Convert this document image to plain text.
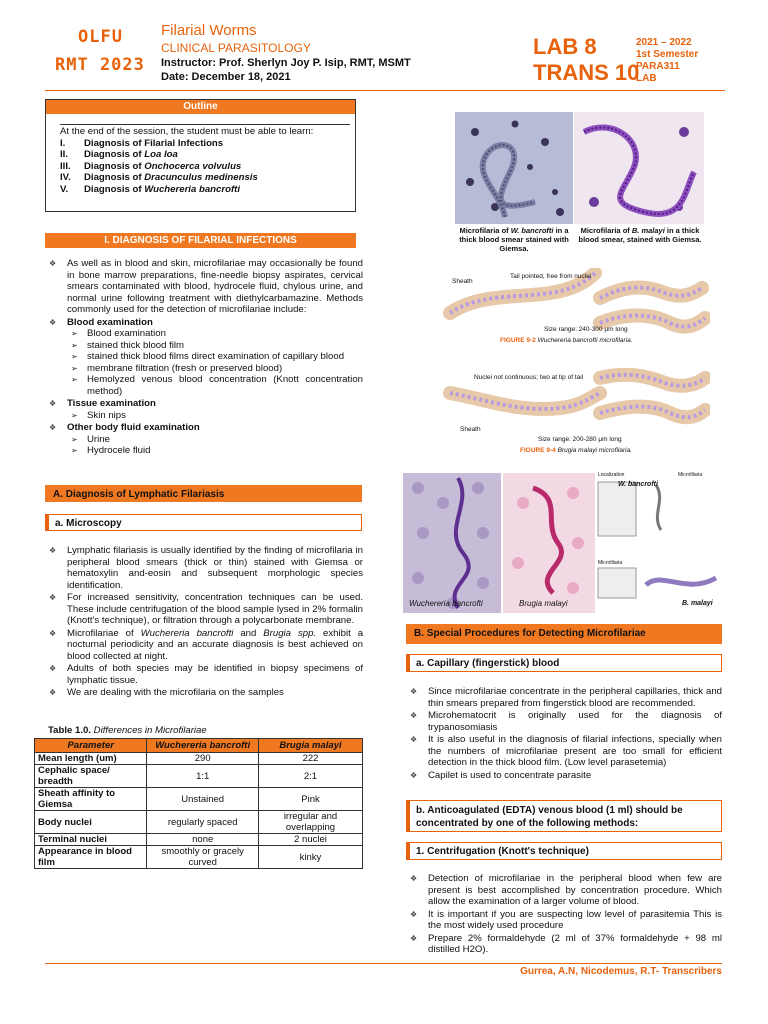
OLFU
RMT 2023
Filarial Worms
CLINICAL PARASITOLOGY
Instructor: Prof. Sherlyn Joy P. Isip, RMT, MSMT
Date: December 18, 2021
LAB 8
TRANS 10
2021 – 2022
1st Semester
PARA311
LAB
Outline
At the end of the session, the student must be able to learn:
I.	Diagnosis of Filarial Infections
II.	Diagnosis of Loa loa
III.	Diagnosis of Onchocerca volvulus
IV.	Diagnosis of Dracunculus medinensis
V.	Diagnosis of Wuchereria bancrofti
I. DIAGNOSIS OF FILARIAL INFECTIONS
❖ As well as in blood and skin, microfilariae may occasionally be found in bone marrow preparations, fine-needle biopsy aspirates, cervical smears contaminated with blood, hydrocele fluid, chylous urine, and normal urine following treatment with diethylcarbamazine. Methods commonly used for the detection of microfilariae include:
❖ Blood examination
➢ Blood examination
➢ stained thick blood film
➢ stained thick blood films direct examination of capillary blood
➢ membrane filtration (fresh or preserved blood)
➢ Hemolyzed venous blood concentration (Knott concentration method)
❖ Tissue examination
➢ Skin nips
❖ Other body fluid examination
➢ Urine
➢ Hydrocele fluid
A. Diagnosis of Lymphatic Filariasis
a. Microscopy
❖ Lymphatic filariasis is usually identified by the finding of microfilaria in peripheral blood smears (thick or thin) stained with Giemsa or hematoxylin and-eosin and subsequent morphologic species identification.
❖ For increased sensitivity, concentration techniques can be used. These include centrifugation of the blood sample lysed in 2% formalin (Knott's technique), or filtration through a polycarbonate membrane.
❖ Microfilariae of Wuchereria bancrofti and Brugia spp. exhibit a nocturnal periodicity and an accurate diagnosis is best achieved on blood collected at night.
❖ Adults of both species may be identified in biopsy specimens of lymphatic tissue.
❖ We are dealing with the microfilaria on the samples
Table 1.0. Differences in Microfilariae
Parameter	Wuchereria bancrofti	Brugia malayi
Mean length (um)	290	222
Cephalic space/ breadth	1:1	2:1
Sheath affinity to Giemsa	Unstained	Pink
Body nuclei	regularly spaced	irregular and overlapping
Terminal nuclei	none	2 nuclei
Appearance in blood film	smoothly or gracely curved	kinky
Microfilaria of W. bancrofti in a thick blood smear stained with Giemsa.
Microfilaria of B. malayi in a thick blood smear, stained with Giemsa.
Sheath
Tail pointed, free from nuclei
Size range: 240-300 μm long
FIGURE 9-2 Wuchereria bancrofti microfilaria.
Nuclei not continuous; two at tip of tail
Sheath
Size range: 200-280 μm long
FIGURE 9-4 Brugia malayi microfilaria.
Wuchereria bancrofti	Brugia malayi
Localization	Microfilaria
W. bancrofti
Microfilaria
B. malayi
B. Special Procedures for Detecting Microfilariae
a. Capillary (fingerstick) blood
❖ Since microfilariae concentrate in the peripheral capillaries, thick and thin smears prepared from fingerstick blood are recommended.
❖ Microhematocrit is originally used for the diagnosis of trypanosomiasis
❖ It is also useful in the diagnosis of filarial infections, specially when the numbers of microfilariae present are too small for efficient detection in the thick blood film. (Low level parasetemia)
❖ Capilet is used to concentrate parasite
b. Anticoagulated (EDTA) venous blood (1 ml) should be concentrated by one of the following methods:
1. Centrifugation (Knott's technique)
❖ Detection of microfilariae in the peripheral blood when few are present is best accomplished by concentration procedure. Which allow the examination of a larger volume of blood.
❖ It is important if you are suspecting low level of parasitemia This is the most widely used procedure
❖ Prepare 2% formaldehyde (2 ml of 37% formaldehyde + 98 ml distilled H2O).
Gurrea, A.N, Nicodemus, R.T- Transcribers
